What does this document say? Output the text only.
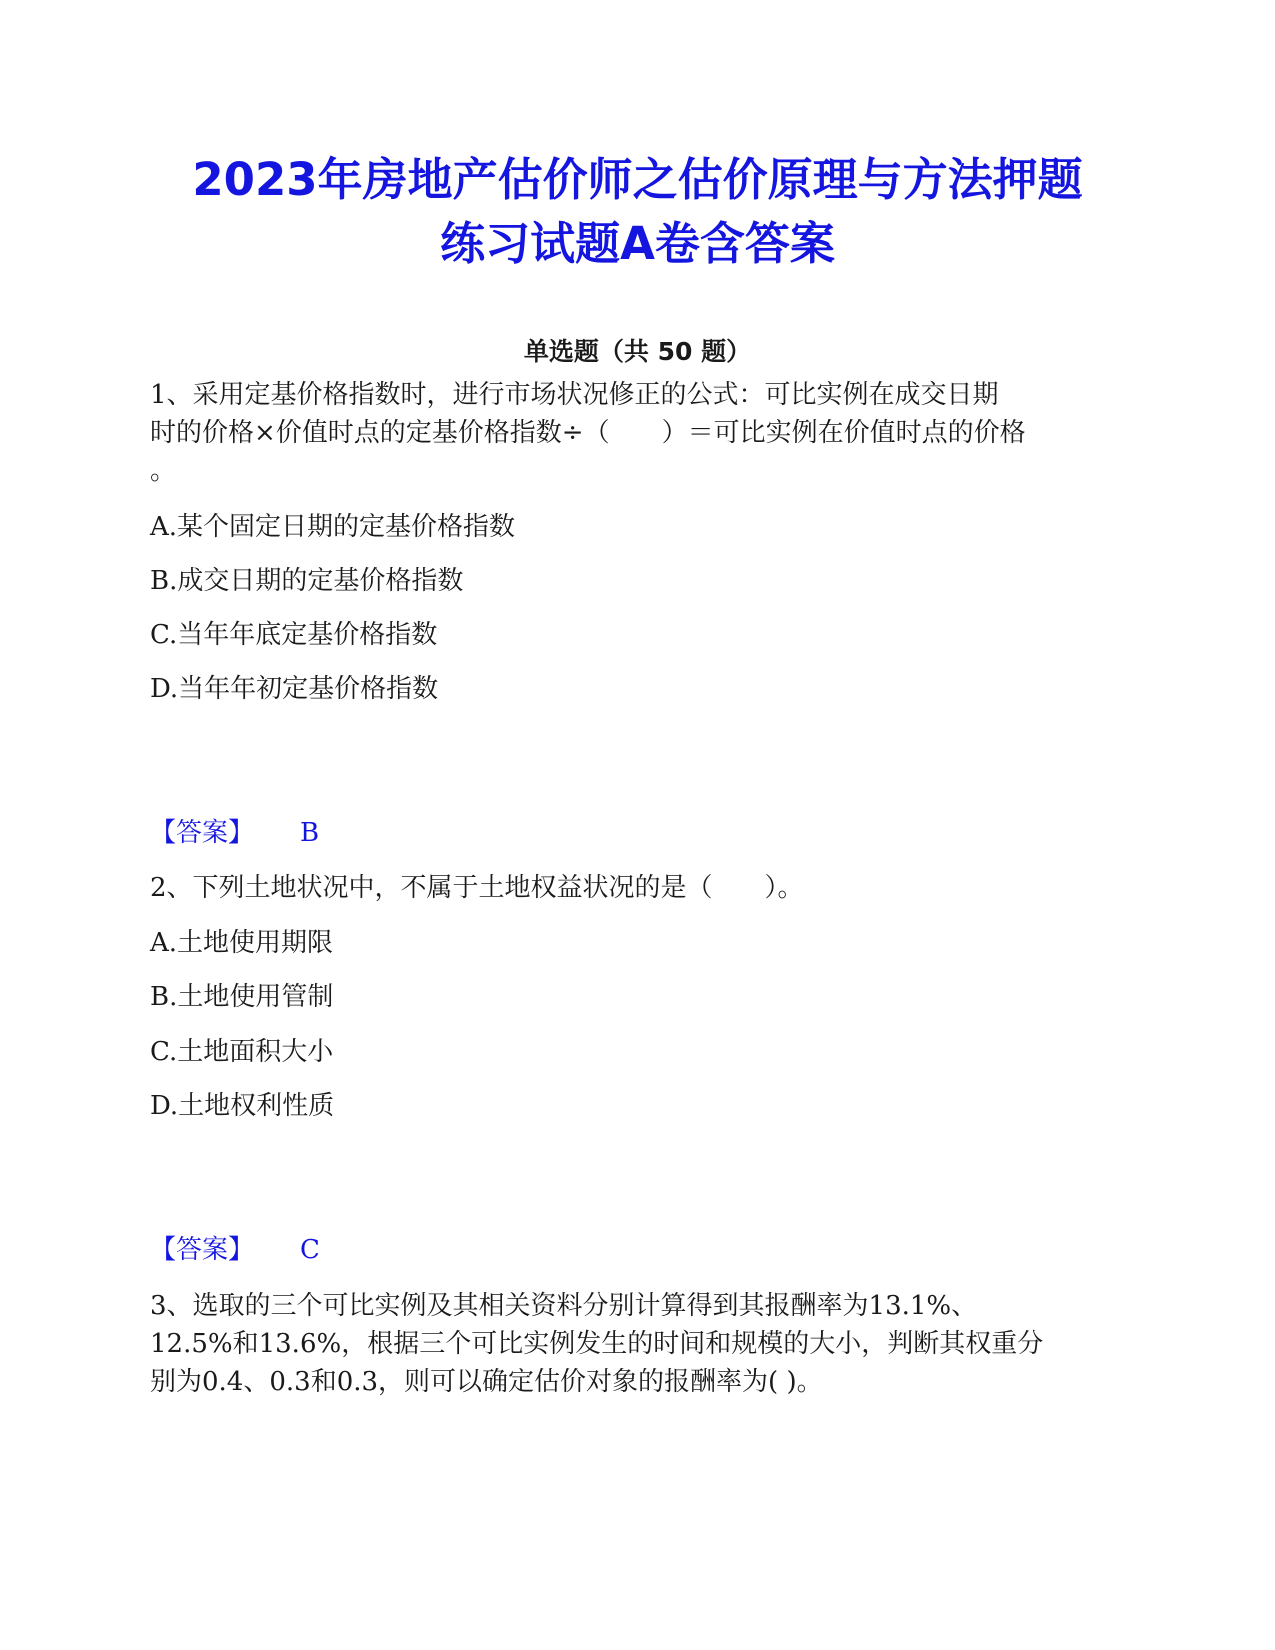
2023年房地产估价师之估价原理与方法押题
练习试题A卷含答案
单选题（共 50 题）
1、采用定基价格指数时，进行市场状况修正的公式：可比实例在成交日期
时的价格×价值时点的定基价格指数÷（　　）＝可比实例在价值时点的价格
。
A.某个固定日期的定基价格指数
B.成交日期的定基价格指数
C.当年年底定基价格指数
D.当年年初定基价格指数
【答案】 B
2、下列土地状况中，不属于土地权益状况的是（　　）。
A.土地使用期限
B.土地使用管制
C.土地面积大小
D.土地权利性质
【答案】 C
3、选取的三个可比实例及其相关资料分别计算得到其报酬率为13.1%、
12.5%和13.6%，根据三个可比实例发生的时间和规模的大小，判断其权重分
别为0.4、0.3和0.3，则可以确定估价对象的报酬率为( )。
